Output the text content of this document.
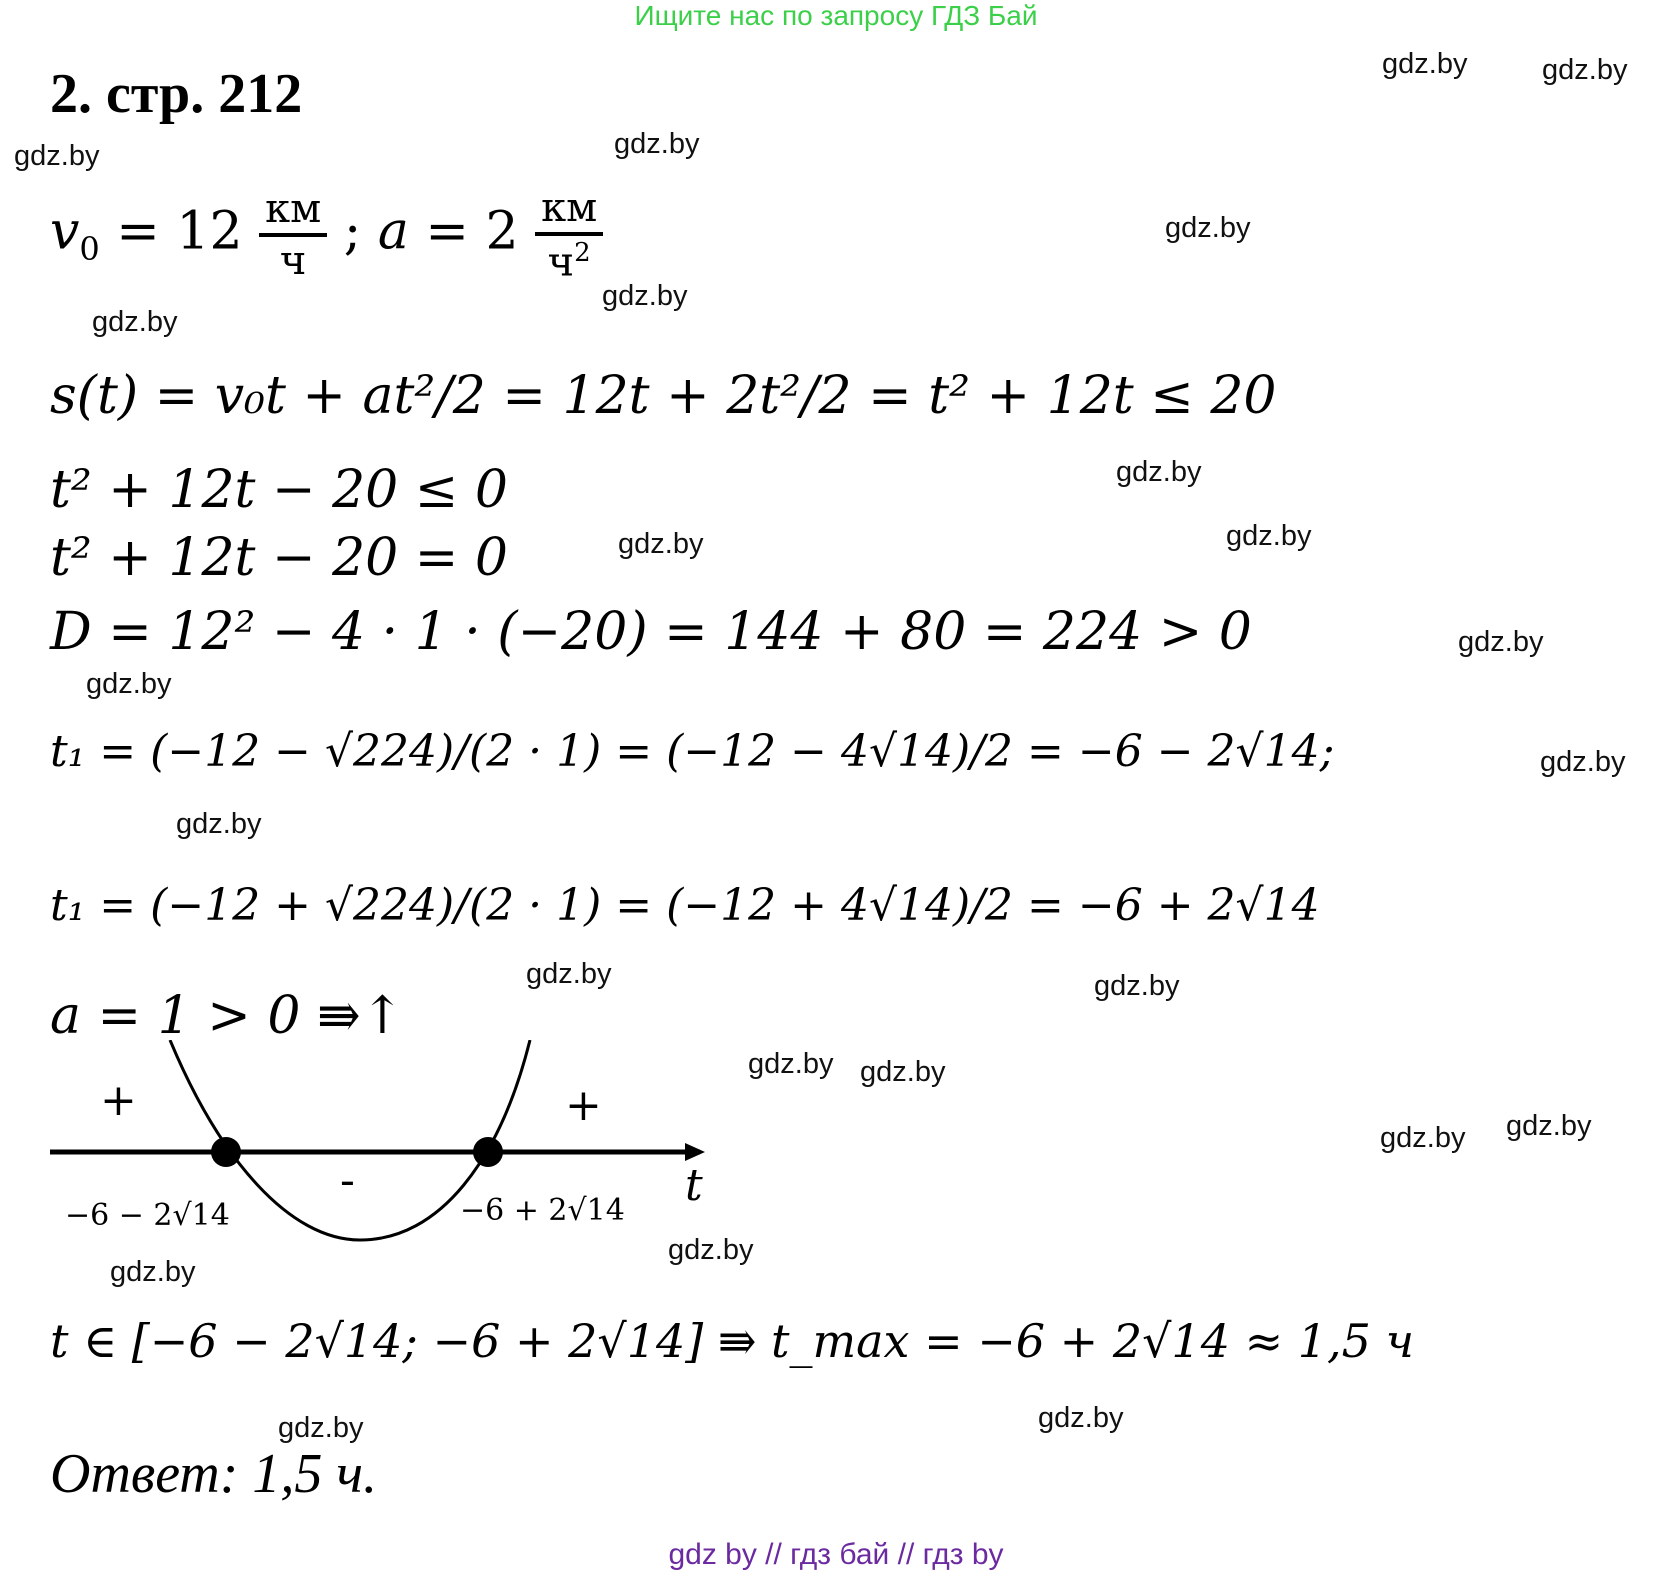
Ищите нас по запросу ГДЗ Бай
2. стр. 212
$v_0 = 12 \frac{км}{ч}$ ; $a = 2 \frac{км}{ч^2}$
s(t) = v₀t + at²/2 = 12t + 2t²/2 = t² + 12t ≤ 20
t² + 12t − 20 ≤ 0
t² + 12t − 20 = 0
D = 12² − 4 · 1 · (−20) = 144 + 80 = 224 > 0
t₁ = (−12 − √224)/(2 · 1) = (−12 − 4√14)/2 = −6 − 2√14;
t₁ = (−12 + √224)/(2 · 1) = (−12 + 4√14)/2 = −6 + 2√14
a = 1 > 0 ⇛↑
+	+
-	t
−6 − 2√14	−6 + 2√14
t ∈ [−6 − 2√14; −6 + 2√14] ⇛ t_max = −6 + 2√14 ≈ 1,5 ч
Ответ: 1,5 ч.
gdz.by	gdz.by
gdz.by	gdz.by
gdz.by
gdz.by
gdz.by
gdz.by
gdz.by	gdz.by
gdz.by
gdz.by
gdz.by
gdz.by
gdz.by	gdz.by
gdz.by gdz.by
gdz.by gdz.by
gdz.by
gdz.by
gdz.by	gdz.by
gdz by // гдз бай // гдз by
